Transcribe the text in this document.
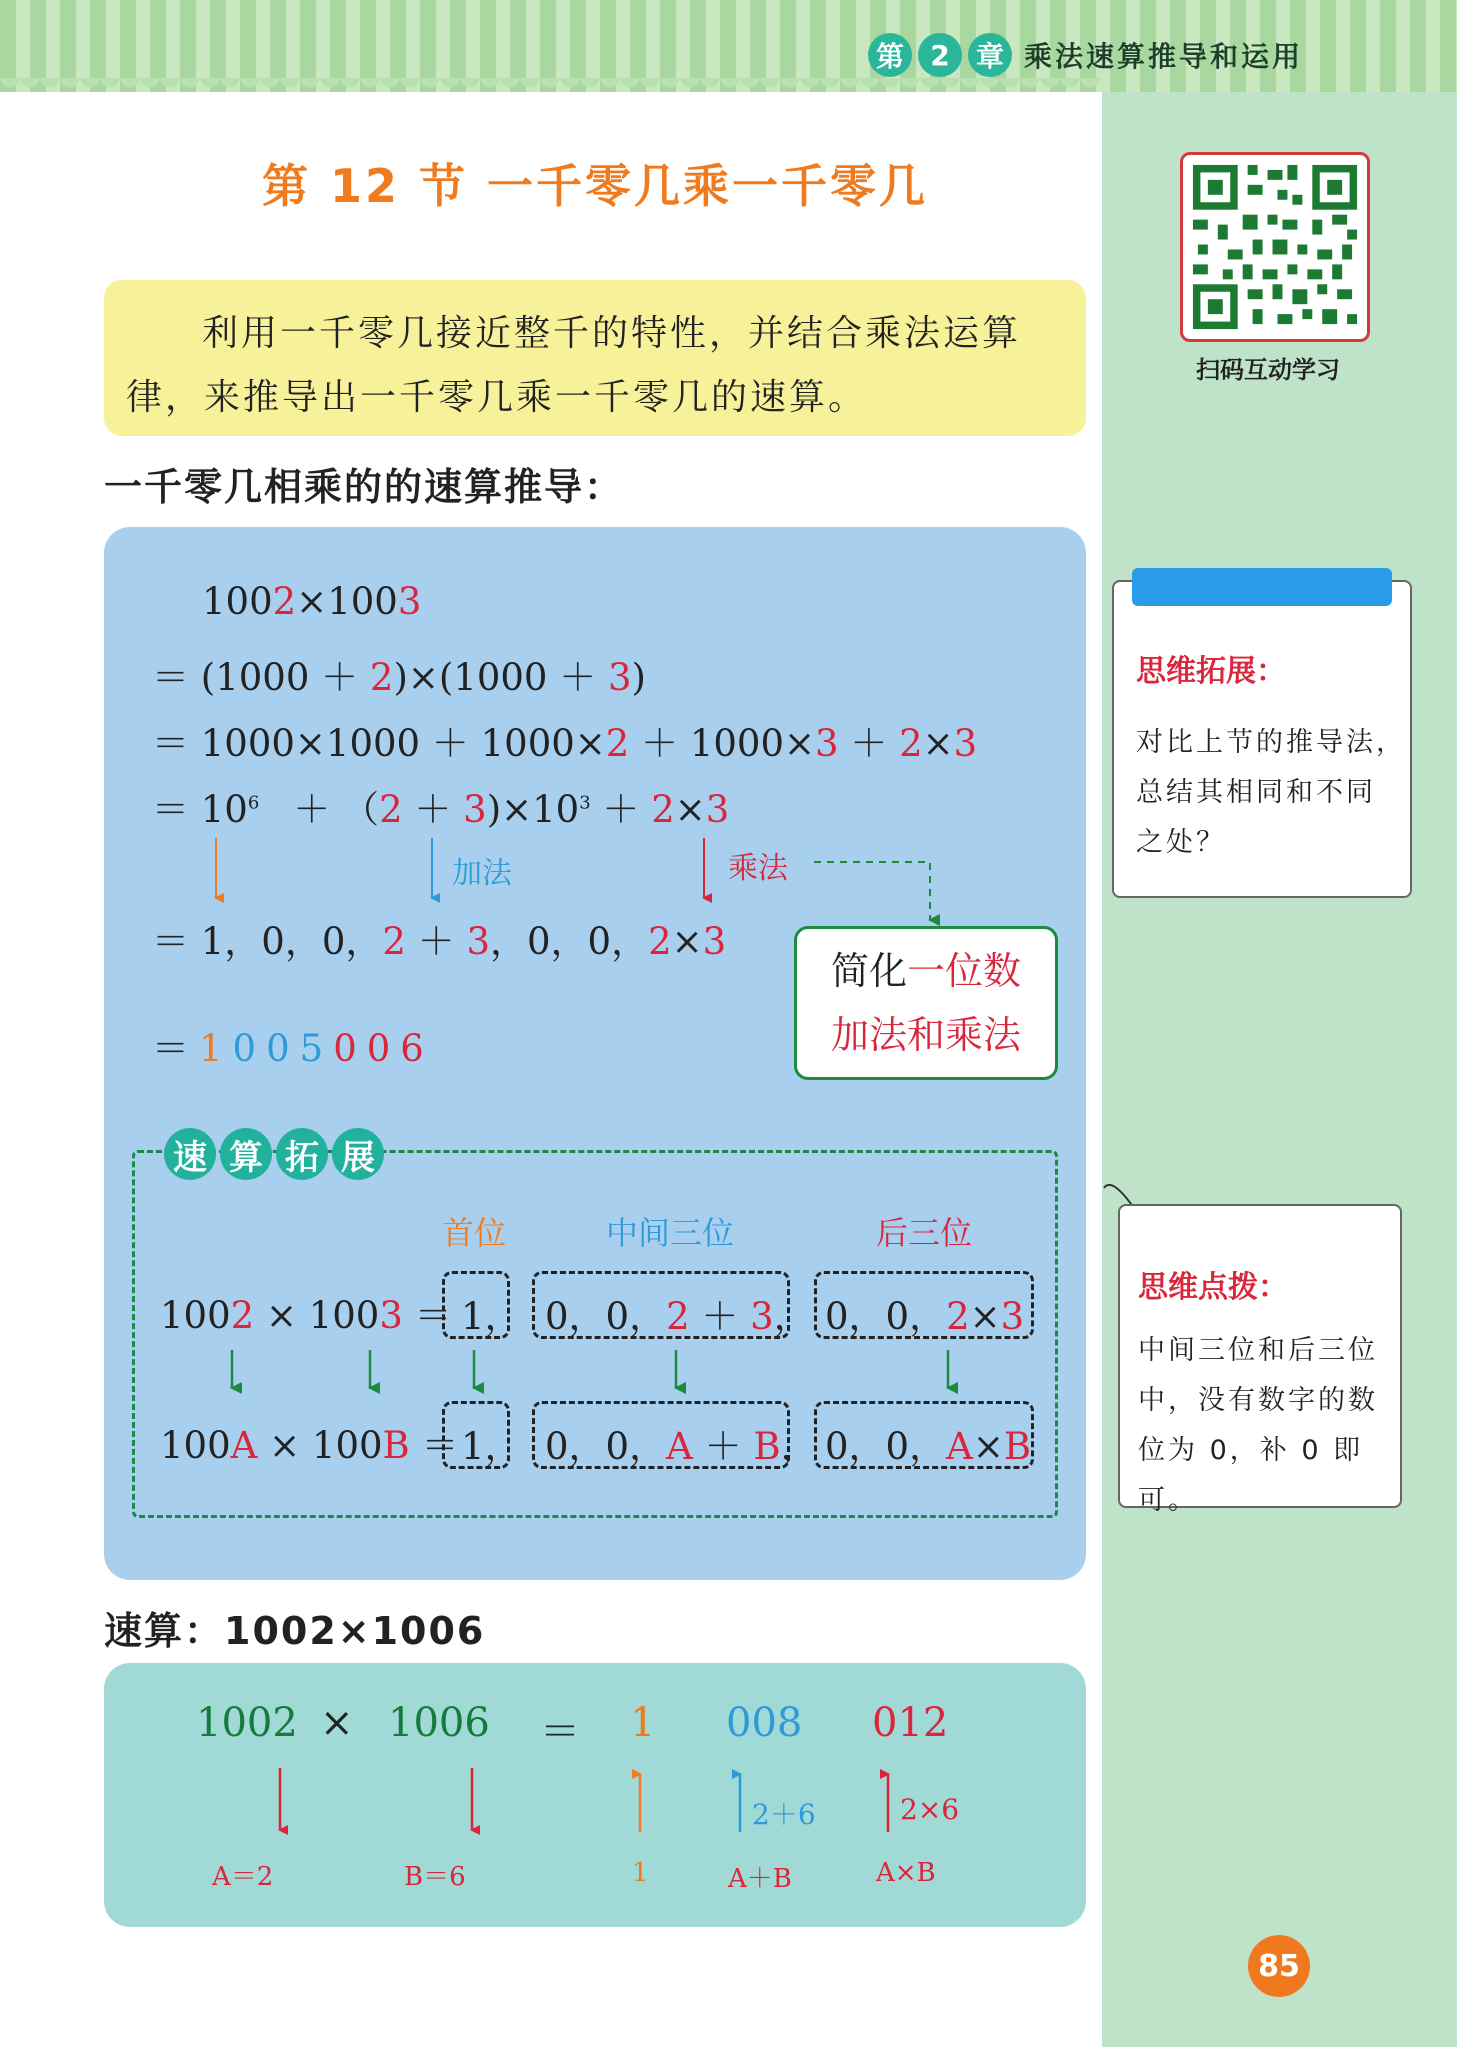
第 2 章 乘法速算推导和运用
第 12 节 一千零几乘一千零几
利用一千零几接近整千的特性，并结合乘法运算律，来推导出一千零几乘一千零几的速算。
一千零几相乘的的速算推导：
1002×1003
＝ (1000 ＋ 2)×(1000 ＋ 3)
＝ 1000×1000 ＋ 1000×2 ＋ 1000×3 ＋ 2×3
＝ $10^6 + (2 + 3)\times 10^3 + 2\times 3$
加法	乘法
＝ 1，0，0，2 ＋ 3，0，0，2×3
＝1005006
简化一位数
加法和乘法
速 算 拓 展
首位	中间三位	后三位
1002 × 1003 ＝ 1， 0，0，2 ＋ 3， 0，0，2×3
100A × 100B ＝ 1， 0，0，A ＋ B， 0，0，A×B
速算：1002×1006
1002 × 1006 ＝ 1 008 012
2＋6	2×6
A＝2	B＝6	1	A＋B	A×B
扫码互动学习
思维拓展：
对比上节的推导法，
总结其相同和不同
之处？
思维点拨：
中间三位和后三位
中，没有数字的数
位为 0，补 0 即可。
85
